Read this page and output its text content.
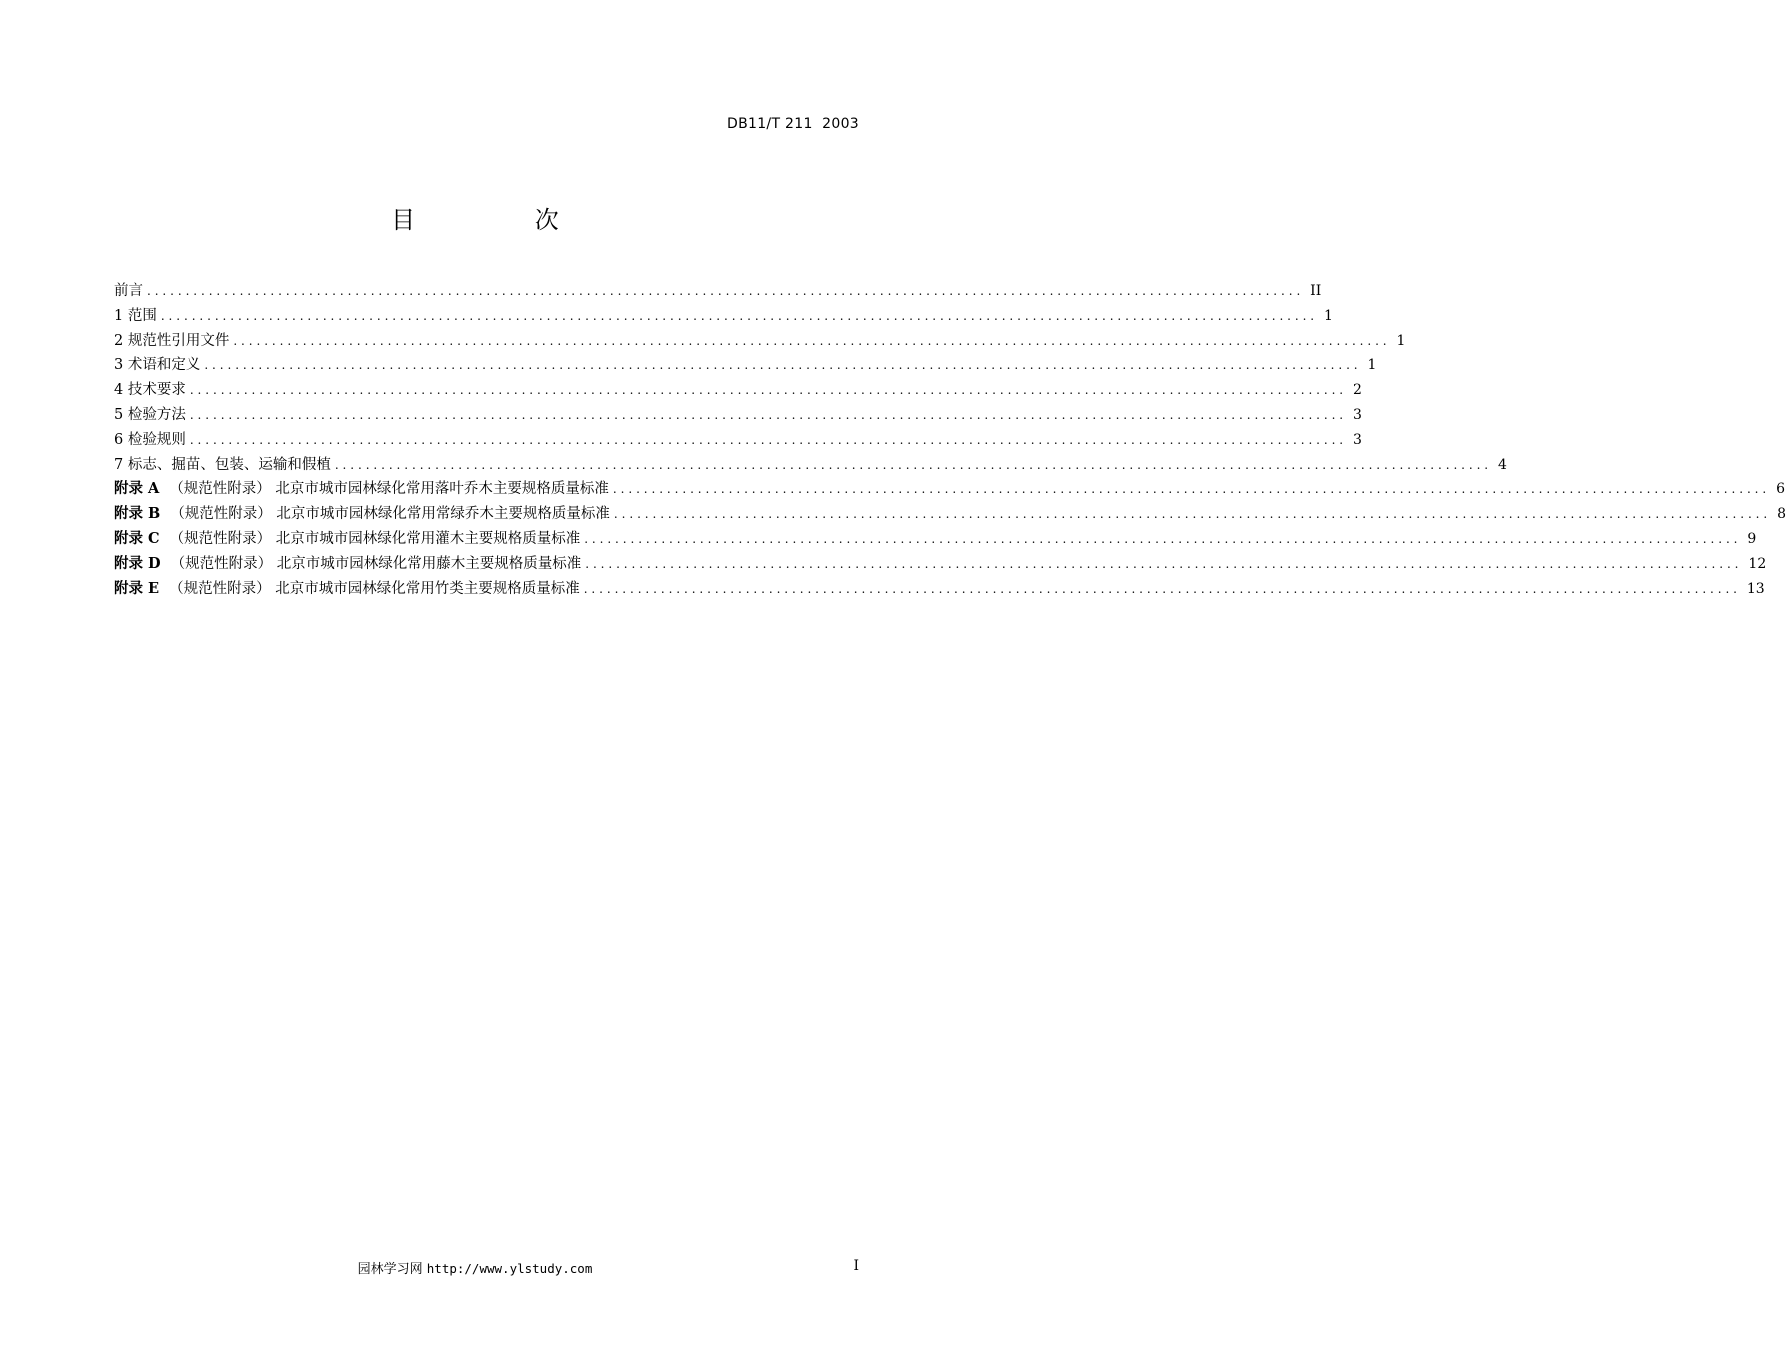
DB11/T 211  2003
目 次
前言 ...................................................................................................................................................... II
1 范围 ...................................................................................................................................................... 1
2 规范性引用文件 ...................................................................................................................................................... 1
3 术语和定义 ...................................................................................................................................................... 1
4 技术要求 ...................................................................................................................................................... 2
5 检验方法 ...................................................................................................................................................... 3
6 检验规则 ...................................................................................................................................................... 3
7 标志、掘苗、包装、运输和假植 ...................................................................................................................................................... 4
附录 A （规范性附录） 北京市城市园林绿化常用落叶乔木主要规格质量标准 ...................................................................................................................................................... 6
附录 B （规范性附录） 北京市城市园林绿化常用常绿乔木主要规格质量标准 ...................................................................................................................................................... 8
附录 C （规范性附录） 北京市城市园林绿化常用灌木主要规格质量标准 ...................................................................................................................................................... 9
附录 D （规范性附录） 北京市城市园林绿化常用藤木主要规格质量标准 ...................................................................................................................................................... 12
附录 E （规范性附录） 北京市城市园林绿化常用竹类主要规格质量标准 ...................................................................................................................................................... 13
园林学习网 http://www.ylstudy.com	I
